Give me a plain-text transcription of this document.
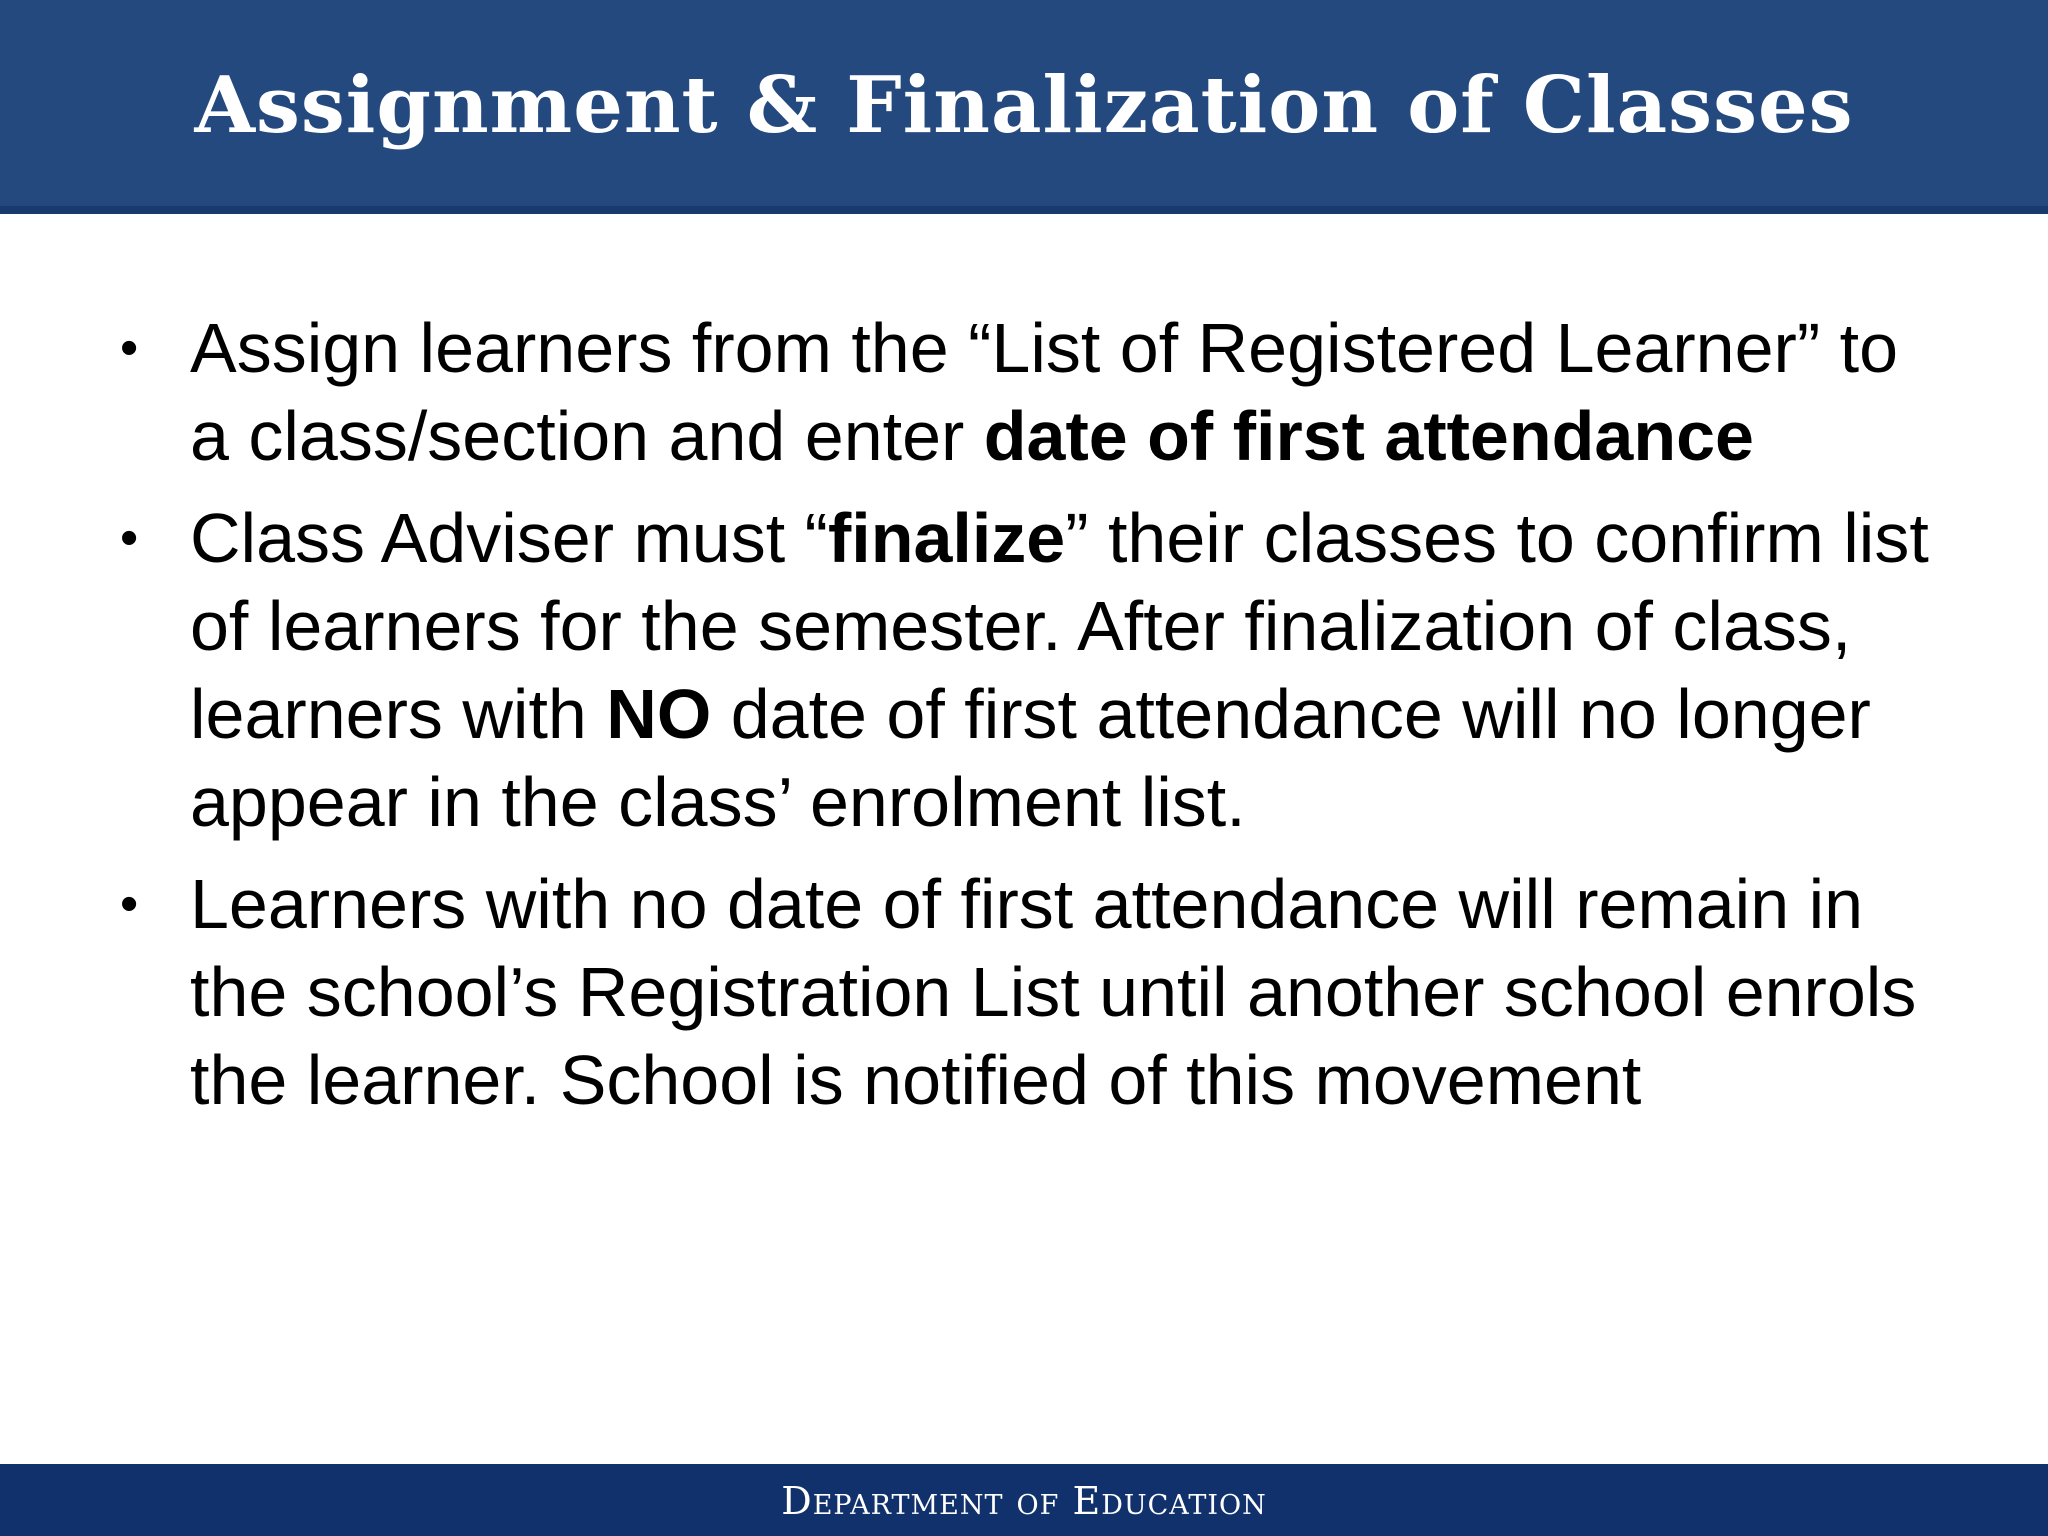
Assignment & Finalization of Classes
• Assign learners from the “List of Registered Learner” to a class/section and enter date of first attendance
• Class Adviser must “finalize” their classes to confirm list of learners for the semester. After finalization of class, learners with NO date of first attendance will no longer appear in the class’ enrolment list.
• Learners with no date of first attendance will remain in the school’s Registration List until another school enrols the learner. School is notified of this movement
Department of Education
